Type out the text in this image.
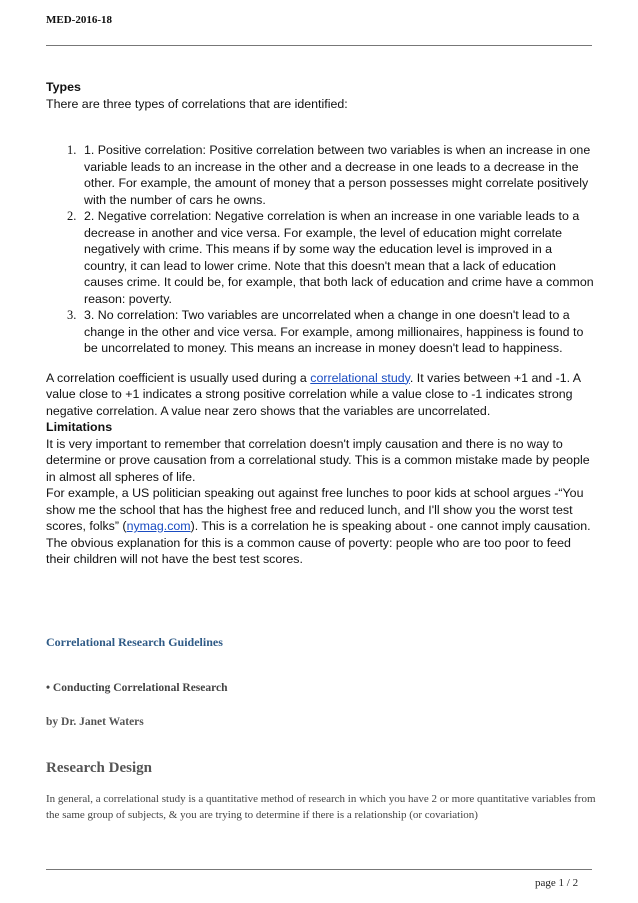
MED-2016-18

Types

There are three types of correlations that are identified:

1. 1. Positive correlation: Positive correlation between two variables is when an increase in one variable leads to an increase in the other and a decrease in one leads to a decrease in the other. For example, the amount of money that a person possesses might correlate positively with the number of cars he owns.
2. 2. Negative correlation: Negative correlation is when an increase in one variable leads to a decrease in another and vice versa. For example, the level of education might correlate negatively with crime. This means if by some way the education level is improved in a country, it can lead to lower crime. Note that this doesn't mean that a lack of education causes crime. It could be, for example, that both lack of education and crime have a common reason: poverty.
3. 3. No correlation: Two variables are uncorrelated when a change in one doesn't lead to a change in the other and vice versa. For example, among millionaires, happiness is found to be uncorrelated to money. This means an increase in money doesn't lead to happiness.

A correlation coefficient is usually used during a correlational study. It varies between +1 and -1. A value close to +1 indicates a strong positive correlation while a value close to -1 indicates strong negative correlation. A value near zero shows that the variables are uncorrelated.

Limitations

It is very important to remember that correlation doesn't imply causation and there is no way to determine or prove causation from a correlational study. This is a common mistake made by people in almost all spheres of life.

For example, a US politician speaking out against free lunches to poor kids at school argues -“You show me the school that has the highest free and reduced lunch, and I'll show you the worst test scores, folks” (nymag.com). This is a correlation he is speaking about - one cannot imply causation. The obvious explanation for this is a common cause of poverty: people who are too poor to feed their children will not have the best test scores.

Correlational Research Guidelines
• Conducting Correlational Research
by Dr. Janet Waters
Research Design
In general, a correlational study is a quantitative method of research in which you have 2 or more quantitative variables from the same group of subjects, & you are trying to determine if there is a relationship (or covariation)
page 1 / 2
